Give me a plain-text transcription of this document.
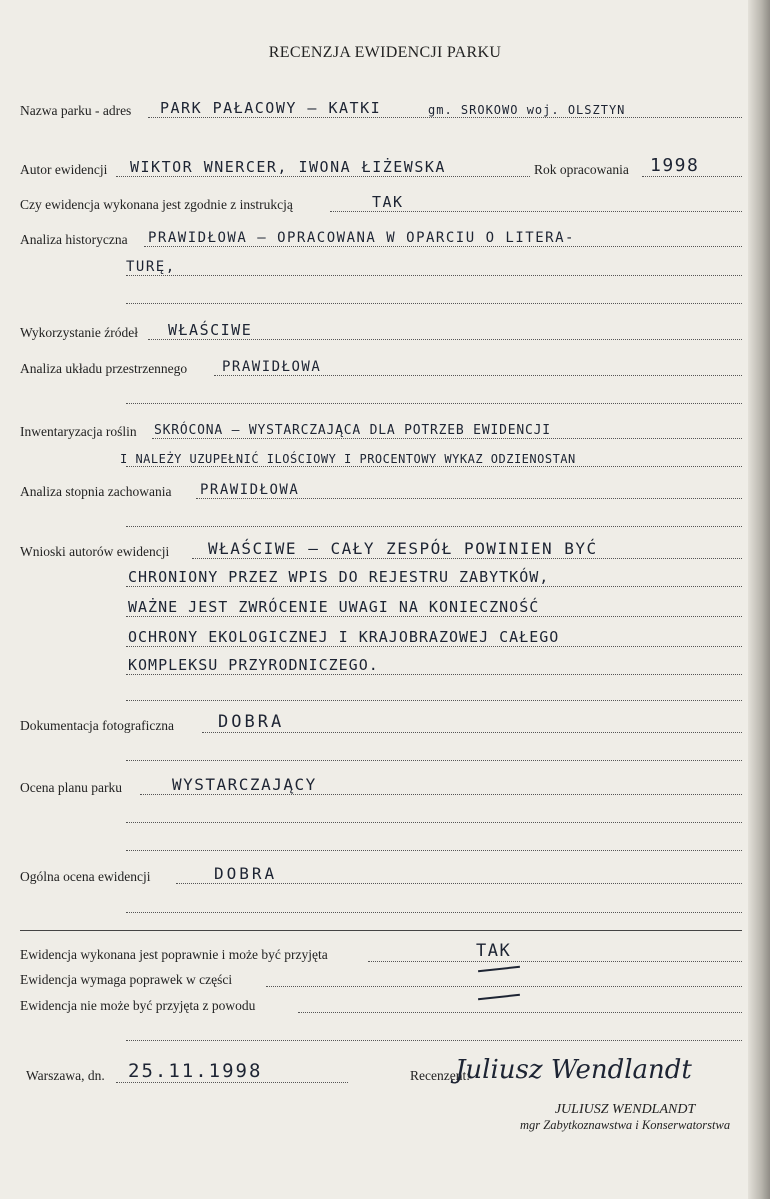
RECENZJA EWIDENCJI PARKU
Nazwa parku - adres PARK PAŁACOWY – KATKI	gm. SROKOWO woj. OLSZTYN
Autor ewidencji WIKTOR WNERCER, IWONA ŁIŻEWSKA	Rok opracowania 1998
Czy ewidencja wykonana jest zgodnie z instrukcją	TAK
Analiza historyczna PRAWIDŁOWA – OPRACOWANA W OPARCIU O LITERA-
TURĘ,
Wykorzystanie źródeł WŁAŚCIWE
Analiza układu przestrzennego PRAWIDŁOWA
Inwentaryzacja roślin SKRÓCONA – WYSTARCZAJĄCA DLA POTRZEB EWIDENCJI
I NALEŻY UZUPEŁNIĆ ILOŚCIOWY I PROCENTOWY WYKAZ ODZIENOSTAN
Analiza stopnia zachowania PRAWIDŁOWA
Wnioski autorów ewidencji WŁAŚCIWE – CAŁY ZESPÓŁ POWINIEN BYĆ
CHRONIONY PRZEZ WPIS DO REJESTRU ZABYTKÓW,
WAŻNE JEST ZWRÓCENIE UWAGI NA KONIECZNOŚĆ
OCHRONY EKOLOGICZNEJ I KRAJOBRAZOWEJ CAŁEGO
KOMPLEKSU PRZYRODNICZEGO.
Dokumentacja fotograficzna	DOBRA
Ocena planu parku	WYSTARCZAJĄCY
Ogólna ocena ewidencji	DOBRA
Ewidencja wykonana jest poprawnie i może być przyjęta	TAK
Ewidencja wymaga poprawek w części
Ewidencja nie może być przyjęta z powodu
Warszawa, dn. 25.11.1998	Recenzent:
Juliusz Wendlandt
JULIUSZ WENDLANDT
mgr Zabytkoznawstwa i Konserwatorstwa
